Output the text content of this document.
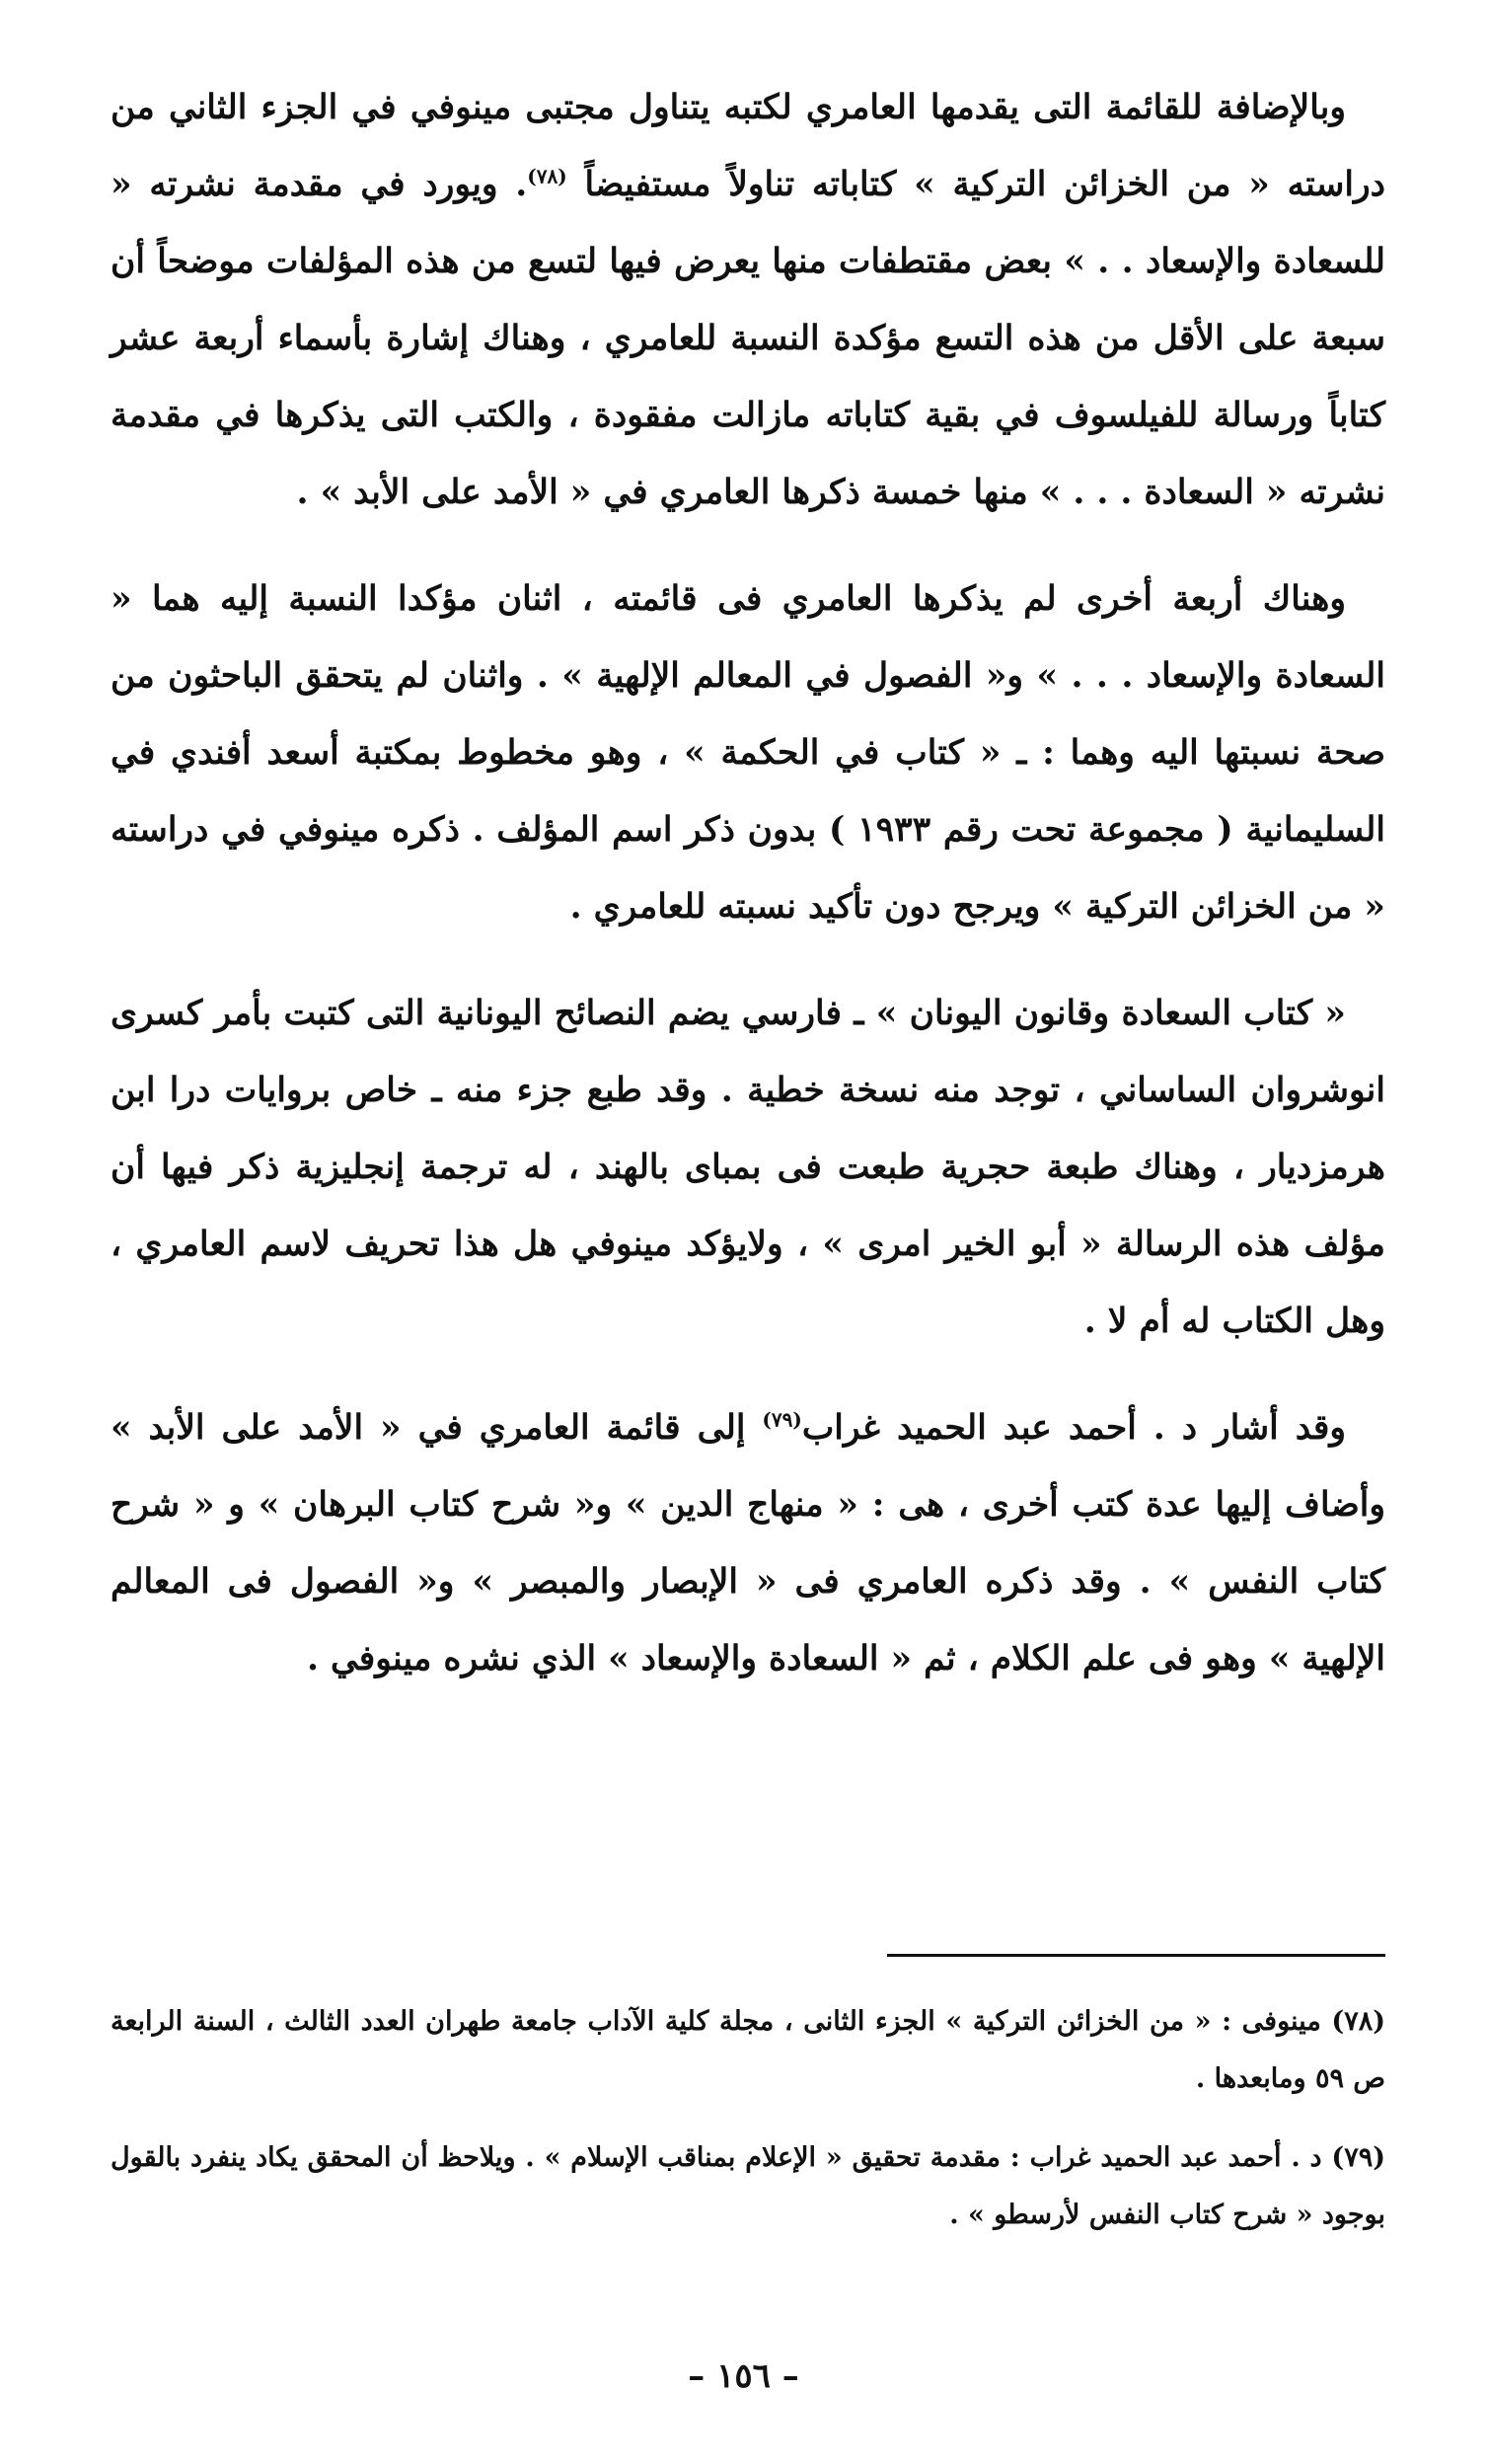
وبالإضافة للقائمة التى يقدمها العامري لكتبه يتناول مجتبى مينوفي في الجزء الثاني من دراسته « من الخزائن التركية » كتاباته تناولاً مستفيضاً $^{(٧٨)}$. ويورد في مقدمة نشرته « للسعادة والإسعاد . . » بعض مقتطفات منها يعرض فيها لتسع من هذه المؤلفات موضحاً أن سبعة على الأقل من هذه التسع مؤكدة النسبة للعامري ، وهناك إشارة بأسماء أربعة عشر كتاباً ورسالة للفيلسوف في بقية كتاباته مازالت مفقودة ، والكتب التى يذكرها في مقدمة نشرته « السعادة . . . » منها خمسة ذكرها العامري في « الأمد على الأبد » .

وهناك أربعة أخرى لم يذكرها العامري فى قائمته ، اثنان مؤكدا النسبة إليه هما « السعادة والإسعاد . . . » و« الفصول في المعالم الإلهية » . واثنان لم يتحقق الباحثون من صحة نسبتها اليه وهما : ـ « كتاب في الحكمة » ، وهو مخطوط بمكتبة أسعد أفندي في السليمانية ( مجموعة تحت رقم ١٩٣٣ ) بدون ذكر اسم المؤلف . ذكره مينوفي في دراسته « من الخزائن التركية » ويرجح دون تأكيد نسبته للعامري .

« كتاب السعادة وقانون اليونان » ـ فارسي يضم النصائح اليونانية التى كتبت بأمر كسرى انوشروان الساساني ، توجد منه نسخة خطية . وقد طبع جزء منه ـ خاص بروايات درا ابن هرمزديار ، وهناك طبعة حجرية طبعت فى بمباى بالهند ، له ترجمة إنجليزية ذكر فيها أن مؤلف هذه الرسالة « أبو الخير امرى » ، ولايؤكد مينوفي هل هذا تحريف لاسم العامري ، وهل الكتاب له أم لا .

وقد أشار د . أحمد عبد الحميد غراب$^{(٧٩)}$ إلى قائمة العامري في « الأمد على الأبد » وأضاف إليها عدة كتب أخرى ، هى : « منهاج الدين » و« شرح كتاب البرهان » و « شرح كتاب النفس » . وقد ذكره العامري فى « الإبصار والمبصر » و« الفصول فى المعالم الإلهية » وهو فى علم الكلام ، ثم « السعادة والإسعاد » الذي نشره مينوفي .

(٧٨) مينوفى : « من الخزائن التركية » الجزء الثانى ، مجلة كلية الآداب جامعة طهران العدد الثالث ، السنة الرابعة ص ٥٩ ومابعدها .

(٧٩) د . أحمد عبد الحميد غراب : مقدمة تحقيق « الإعلام بمناقب الإسلام » . ويلاحظ أن المحقق يكاد ينفرد بالقول بوجود « شرح كتاب النفس لأرسطو » .

– ١٥٦ –
